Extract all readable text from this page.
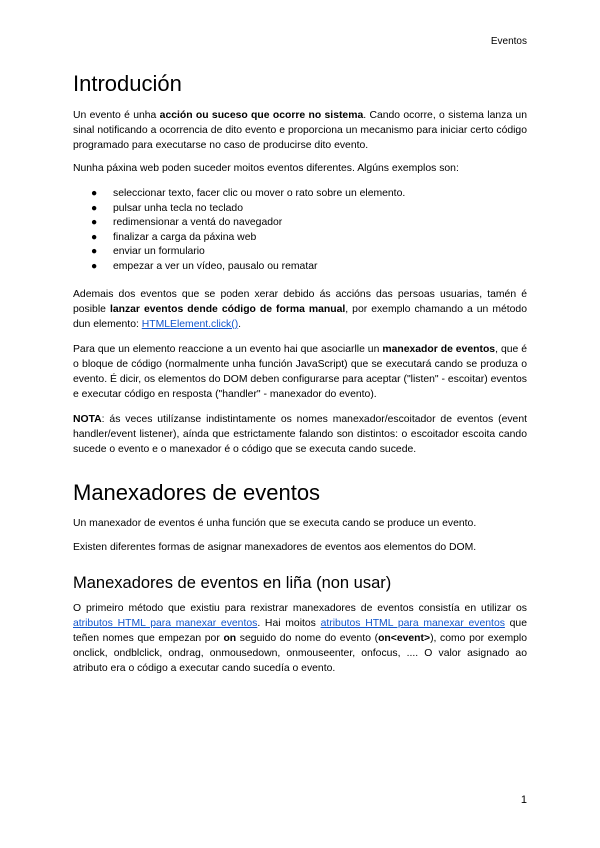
Eventos
Introdución

Un evento é unha acción ou suceso que ocorre no sistema. Cando ocorre, o sistema lanza un sinal notificando a ocorrencia de dito evento e proporciona un mecanismo para iniciar certo código programado para executarse no caso de producirse dito evento.

Nunha páxina web poden suceder moitos eventos diferentes. Algúns exemplos son:

● seleccionar texto, facer clic ou mover o rato sobre un elemento.
● pulsar unha tecla no teclado
● redimensionar a ventá do navegador
● finalizar a carga da páxina web
● enviar un formulario
● empezar a ver un vídeo, pausalo ou rematar

Ademais dos eventos que se poden xerar debido ás accións das persoas usuarias, tamén é posible lanzar eventos dende código de forma manual, por exemplo chamando a un método dun elemento: HTMLElement.click().

Para que un elemento reaccione a un evento hai que asociarlle un manexador de eventos, que é o bloque de código (normalmente unha función JavaScript) que se executará cando se produza o evento. É dicir, os elementos do DOM deben configurarse para aceptar ("listen" - escoitar) eventos e executar código en resposta ("handler" - manexador do evento).

NOTA: ás veces utilízanse indistintamente os nomes manexador/escoitador de eventos (event handler/event listener), aínda que estrictamente falando son distintos: o escoitador escoita cando sucede o evento e o manexador é o código que se executa cando sucede.

Manexadores de eventos

Un manexador de eventos é unha función que se executa cando se produce un evento.

Existen diferentes formas de asignar manexadores de eventos aos elementos do DOM.

Manexadores de eventos en liña (non usar)

O primeiro método que existiu para rexistrar manexadores de eventos consistía en utilizar os atributos HTML para manexar eventos. Hai moitos atributos HTML para manexar eventos que teñen nomes que empezan por on seguido do nome do evento (on<event>), como por exemplo onclick, ondblclick, ondrag, onmousedown, onmouseenter, onfocus, .... O valor asignado ao atributo era o código a executar cando sucedía o evento.

1
